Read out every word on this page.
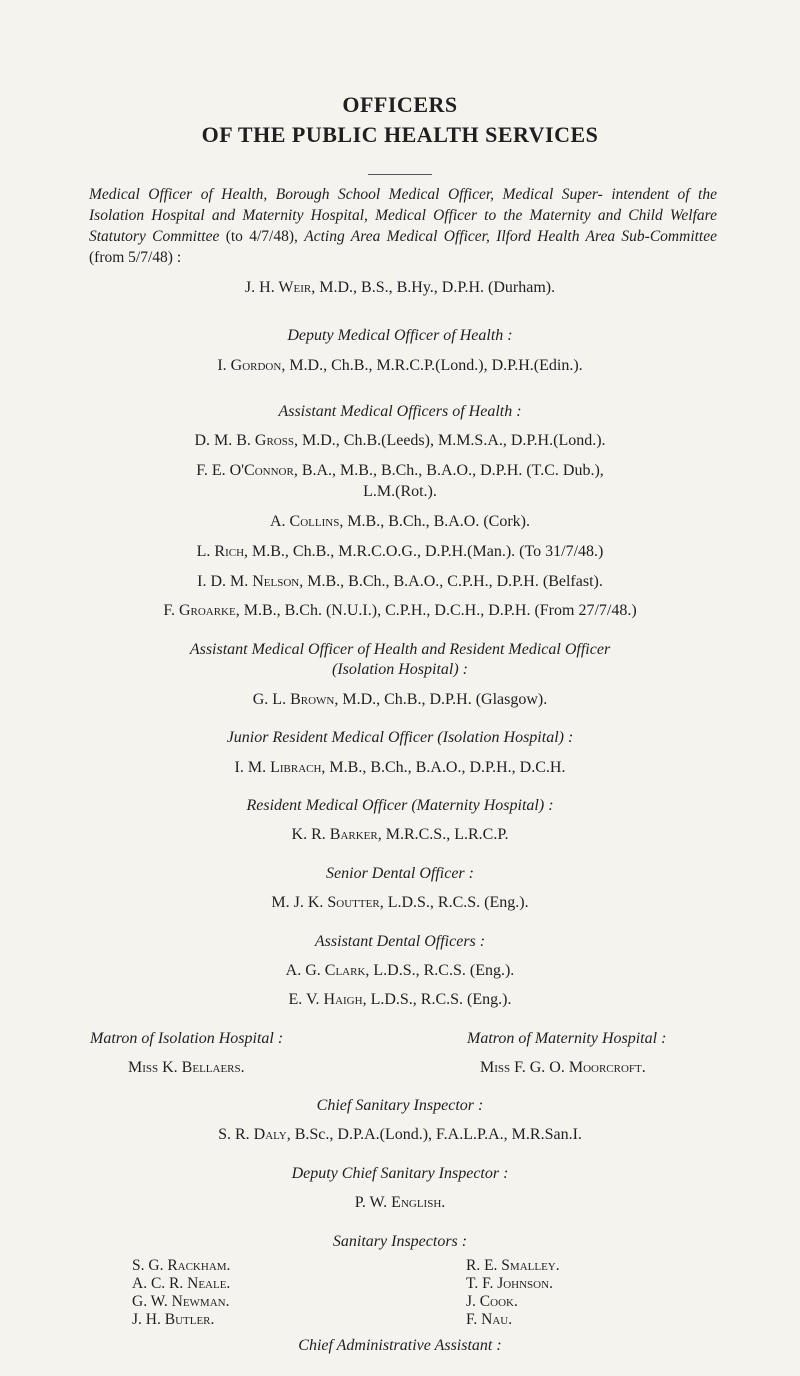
OFFICERS
OF THE PUBLIC HEALTH SERVICES
Medical Officer of Health, Borough School Medical Officer, Medical Super- intendent of the Isolation Hospital and Maternity Hospital, Medical Officer to the Maternity and Child Welfare Statutory Committee (to 4/7/48), Acting Area Medical Officer, Ilford Health Area Sub-Committee (from 5/7/48) :
J. H. Weir, M.D., B.S., B.Hy., D.P.H. (Durham).
Deputy Medical Officer of Health :
I. Gordon, M.D., Ch.B., M.R.C.P.(Lond.), D.P.H.(Edin.).
Assistant Medical Officers of Health :
D. M. B. Gross, M.D., Ch.B.(Leeds), M.M.S.A., D.P.H.(Lond.).
F. E. O'Connor, B.A., M.B., B.Ch., B.A.O., D.P.H. (T.C. Dub.),
L.M.(Rot.).
A. Collins, M.B., B.Ch., B.A.O. (Cork).
L. Rich, M.B., Ch.B., M.R.C.O.G., D.P.H.(Man.). (To 31/7/48.)
I. D. M. Nelson, M.B., B.Ch., B.A.O., C.P.H., D.P.H. (Belfast).
F. Groarke, M.B., B.Ch. (N.U.I.), C.P.H., D.C.H., D.P.H. (From 27/7/48.)
Assistant Medical Officer of Health and Resident Medical Officer
(Isolation Hospital) :
G. L. Brown, M.D., Ch.B., D.P.H. (Glasgow).
Junior Resident Medical Officer (Isolation Hospital) :
I. M. Librach, M.B., B.Ch., B.A.O., D.P.H., D.C.H.
Resident Medical Officer (Maternity Hospital) :
K. R. Barker, M.R.C.S., L.R.C.P.
Senior Dental Officer :
M. J. K. Soutter, L.D.S., R.C.S. (Eng.).
Assistant Dental Officers :
A. G. Clark, L.D.S., R.C.S. (Eng.).
E. V. Haigh, L.D.S., R.C.S. (Eng.).
Matron of Isolation Hospital :	Matron of Maternity Hospital :
Miss K. Bellaers.	Miss F. G. O. Moorcroft.
Chief Sanitary Inspector :
S. R. Daly, B.Sc., D.P.A.(Lond.), F.A.L.P.A., M.R.San.I.
Deputy Chief Sanitary Inspector :
P. W. English.
Sanitary Inspectors :
S. G. Rackham.
A. C. R. Neale.
G. W. Newman.
J. H. Butler.
R. E. Smalley.
T. F. Johnson.
J. Cook.
F. Nau.
Chief Administrative Assistant :
